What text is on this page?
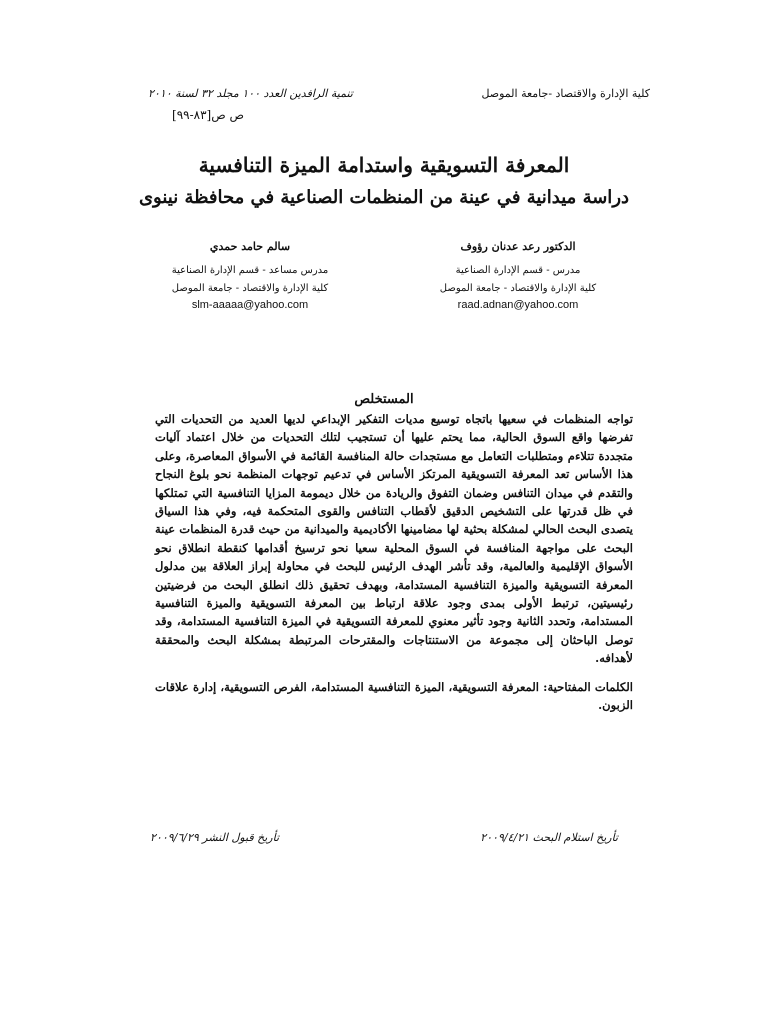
كلية الإدارة والاقتصاد -جامعة الموصل
تنمية الرافدين العدد ١٠٠ مجلد ٣٢ لسنة ٢٠١٠
ص ص[٨٣-٩٩]
المعرفة التسويقية واستدامة الميزة التنافسية
دراسة ميدانية في عينة من المنظمات الصناعية في محافظة نينوى
الدكتور رعد عدنان رؤوف
مدرس - قسم الإدارة الصناعية
كلية الإدارة والاقتصاد - جامعة الموصل
raad.adnan@yahoo.com
سالم حامد حمدي
مدرس مساعد - قسم الإدارة الصناعية
كلية الإدارة والاقتصاد - جامعة الموصل
slm-aaaaa@yahoo.com
المستخلص

تواجه المنظمات في سعيها باتجاه توسيع مديات التفكير الإبداعي لديها العديد من التحديات التي تفرضها واقع السوق الحالية، مما يحتم عليها أن تستجيب لتلك التحديات من خلال اعتماد آليات متجددة تتلاءم ومتطلبات التعامل مع مستجدات حالة المنافسة القائمة في الأسواق المعاصرة، وعلى هذا الأساس تعد المعرفة التسويقية المرتكز الأساس في تدعيم توجهات المنظمة نحو بلوغ النجاح والتقدم في ميدان التنافس وضمان التفوق والريادة من خلال ديمومة المزايا التنافسية التي تمتلكها في ظل قدرتها على التشخيص الدقيق لأقطاب التنافس والقوى المتحكمة فيه، وفي هذا السياق يتصدى البحث الحالي لمشكلة بحثية لها مضامينها الأكاديمية والميدانية من حيث قدرة المنظمات عينة البحث على مواجهة المنافسة في السوق المحلية سعيا نحو ترسيخ أقدامها كنقطة انطلاق نحو الأسواق الإقليمية والعالمية، وقد تأشر الهدف الرئيس للبحث في محاولة إبراز العلاقة بين مدلول المعرفة التسويقية والميزة التنافسية المستدامة، وبهدف تحقيق ذلك انطلق البحث من فرضيتين رئيسيتين، ترتبط الأولى بمدى وجود علاقة ارتباط بين المعرفة التسويقية والميزة التنافسية المستدامة، وتحدد الثانية وجود تأثير معنوي للمعرفة التسويقية في الميزة التنافسية المستدامة، وقد توصل الباحثان إلى مجموعة من الاستنتاجات والمقترحات المرتبطة بمشكلة البحث والمحققة لأهدافه.

الكلمات المفتاحية: المعرفة التسويقية، الميزة التنافسية المستدامة، الفرص التسويقية، إدارة علاقات الزبون.
تأريخ استلام البحث ٢٠٠٩/٤/٢١
تأريخ قبول النشر ٢٠٠٩/٦/٢٩
